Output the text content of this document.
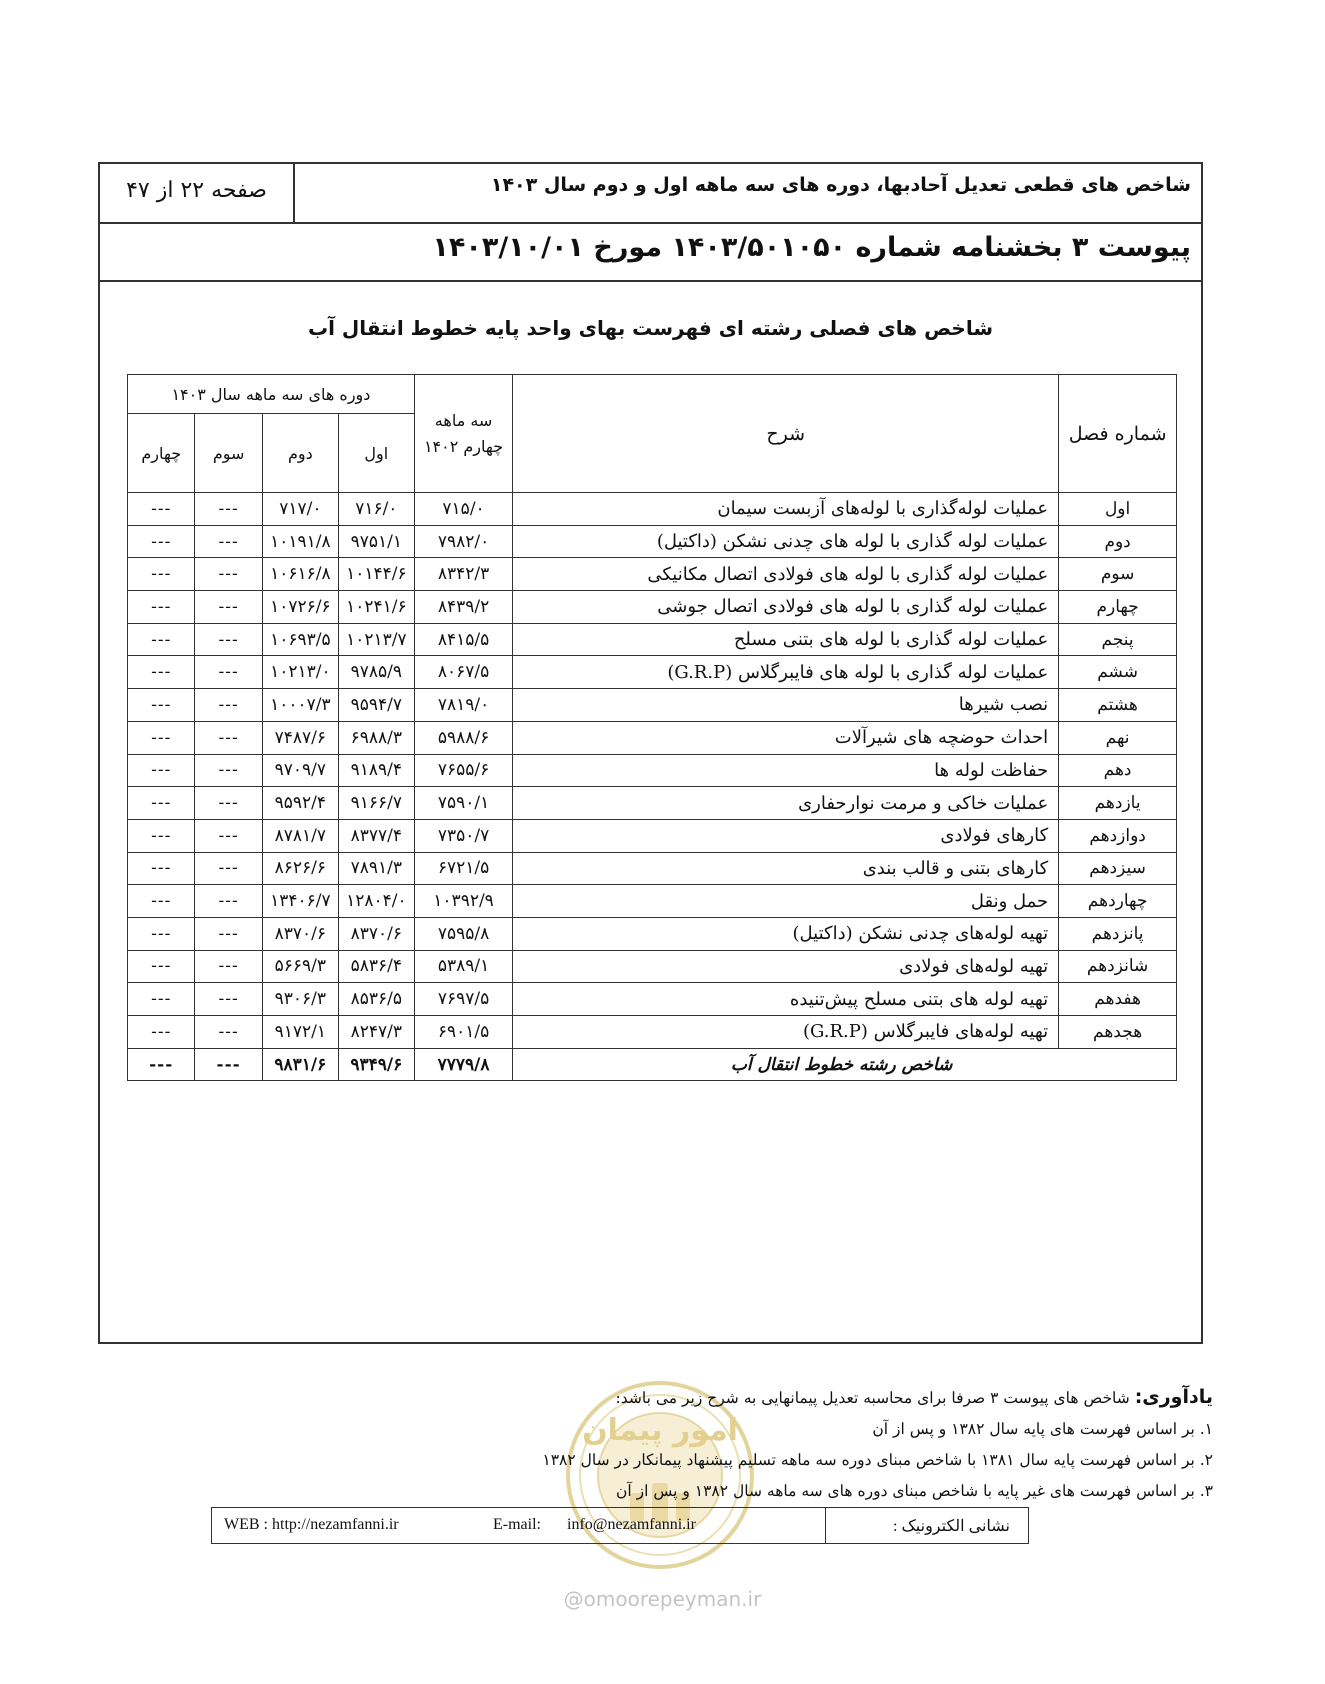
شاخص های قطعی تعدیل آحادبها، دوره های سه ماهه اول و دوم سال ۱۴۰۳
صفحه ۲۲ از ۴۷
پیوست ۳ بخشنامه شماره ۱۴۰۳/۵۰۱۰۵۰ مورخ ۱۴۰۳/۱۰/۰۱
شاخص های فصلی رشته ای فهرست بهای واحد پایه خطوط انتقال آب
دوره های سه ماهه سال ۱۴۰۳				سه ماهه چهارم ۱۴۰۲	شرح	شماره فصل
چهارم	سوم	دوم	اول			
---	---	۷۱۷/۰	۷۱۶/۰	۷۱۵/۰	عملیات لوله‌گذاری با لوله‌های آزبست سیمان	اول
---	---	۱۰۱۹۱/۸	۹۷۵۱/۱	۷۹۸۲/۰	عملیات لوله گذاری با لوله های چدنی نشکن (داکتیل)	دوم
---	---	۱۰۶۱۶/۸	۱۰۱۴۴/۶	۸۳۴۲/۳	عملیات لوله گذاری با لوله های فولادی اتصال مکانیکی	سوم
---	---	۱۰۷۲۶/۶	۱۰۲۴۱/۶	۸۴۳۹/۲	عملیات لوله گذاری با لوله های فولادی اتصال جوشی	چهارم
---	---	۱۰۶۹۳/۵	۱۰۲۱۳/۷	۸۴۱۵/۵	عملیات لوله گذاری با لوله های بتنی مسلح	پنجم
---	---	۱۰۲۱۳/۰	۹۷۸۵/۹	۸۰۶۷/۵	عملیات لوله گذاری با لوله های فایبرگلاس (G.R.P)	ششم
---	---	۱۰۰۰۷/۳	۹۵۹۴/۷	۷۸۱۹/۰	نصب شیرها	هشتم
---	---	۷۴۸۷/۶	۶۹۸۸/۳	۵۹۸۸/۶	احداث حوضچه های شیرآلات	نهم
---	---	۹۷۰۹/۷	۹۱۸۹/۴	۷۶۵۵/۶	حفاظت لوله ها	دهم
---	---	۹۵۹۲/۴	۹۱۶۶/۷	۷۵۹۰/۱	عملیات خاکی و مرمت نوارحفاری	یازدهم
---	---	۸۷۸۱/۷	۸۳۷۷/۴	۷۳۵۰/۷	کارهای فولادی	دوازدهم
---	---	۸۶۲۶/۶	۷۸۹۱/۳	۶۷۲۱/۵	کارهای بتنی و قالب بندی	سیزدهم
---	---	۱۳۴۰۶/۷	۱۲۸۰۴/۰	۱۰۳۹۲/۹	حمل ونقل	چهاردهم
---	---	۸۳۷۰/۶	۸۳۷۰/۶	۷۵۹۵/۸	تهیه لوله‌های چدنی نشکن (داکتیل)	پانزدهم
---	---	۵۶۶۹/۳	۵۸۳۶/۴	۵۳۸۹/۱	تهیه لوله‌های فولادی	شانزدهم
---	---	۹۳۰۶/۳	۸۵۳۶/۵	۷۶۹۷/۵	تهیه لوله های بتنی مسلح پیش‌تنیده	هفدهم
---	---	۹۱۷۲/۱	۸۲۴۷/۳	۶۹۰۱/۵	تهیه لوله‌های فایبرگلاس (G.R.P)	هجدهم
---	---	۹۸۳۱/۶	۹۳۴۹/۶	۷۷۷۹/۸	شاخص رشته خطوط انتقال آب	
امور پیمان
یادآوری: شاخص های پیوست ۳ صرفا برای محاسبه تعدیل پیمانهایی به شرح زیر می باشد:
۱. بر اساس فهرست های پایه سال ۱۳۸۲ و پس از آن
۲. بر اساس فهرست پایه سال ۱۳۸۱ با شاخص مبنای دوره سه ماهه تسلیم پیشنهاد پیمانکار در سال ۱۳۸۲
۳. بر اساس فهرست های غیر پایه با شاخص مبنای دوره های سه ماهه سال ۱۳۸۲ و پس از آن
WEB : http://nezamfanni.ir	E-mail: info@nezamfanni.ir	نشانی الکترونیک :
@omoorepeyman.ir
